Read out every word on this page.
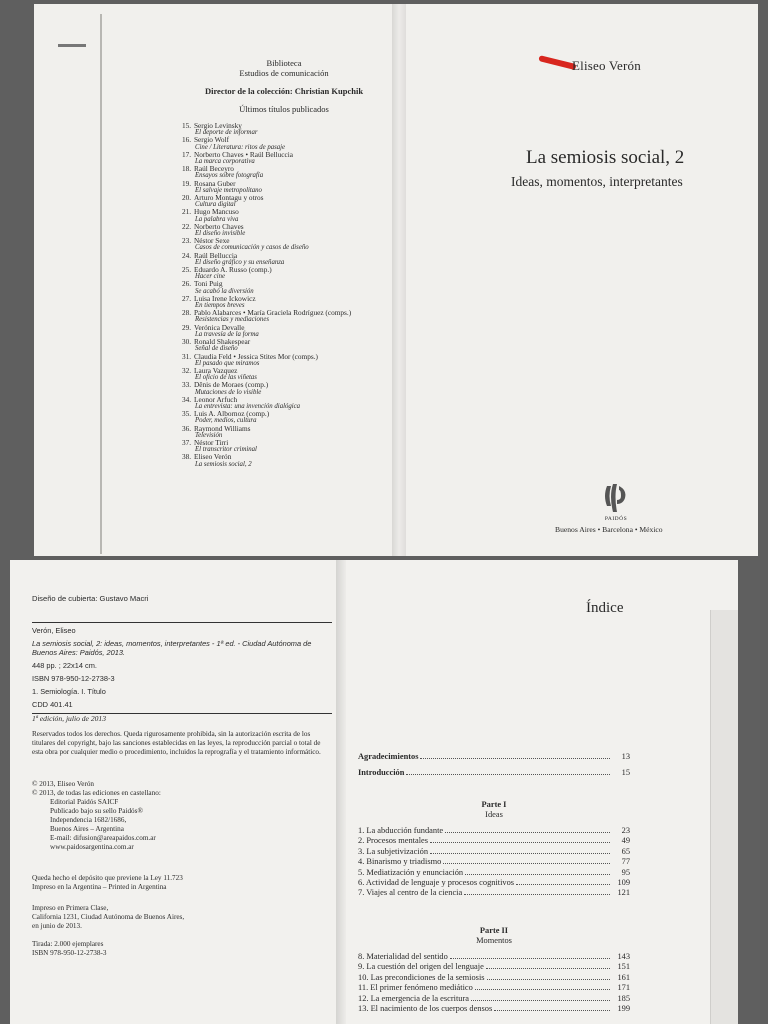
Biblioteca
Estudios de comunicación
Director de la colección: Christian Kupchik
Últimos títulos publicados
15. Sergio Levinsky
El deporte de informar
16. Sergio Wolf
Cine / Literatura: ritos de pasaje
17. Norberto Chaves • Raúl Belluccia
La marca corporativa
18. Raúl Beceyro
Ensayos sobre fotografía
19. Rosana Guber
El salvaje metropolitano
20. Arturo Montagu y otros
Cultura digital
21. Hugo Mancuso
La palabra viva
22. Norberto Chaves
El diseño invisible
23. Néstor Sexe
Casos de comunicación y casos de diseño
24. Raúl Belluccia
El diseño gráfico y su enseñanza
25. Eduardo A. Russo (comp.)
Hacer cine
26. Toni Puig
Se acabó la diversión
27. Luisa Irene Ickowicz
En tiempos breves
28. Pablo Alabarces • María Graciela Rodríguez (comps.)
Resistencias y mediaciones
29. Verónica Devalle
La travesía de la forma
30. Ronald Shakespear
Señal de diseño
31. Claudia Feld • Jessica Stites Mor (comps.)
El pasado que miramos
32. Laura Vazquez
El oficio de las viñetas
33. Dênis de Moraes (comp.)
Mutaciones de lo visible
34. Leonor Arfuch
La entrevista: una invención dialógica
35. Luis A. Albornoz (comp.)
Poder, medios, cultura
36. Raymond Williams
Televisión
37. Néstor Tirri
El transcritor criminal
38. Eliseo Verón
La semiosis social, 2
Eliseo Verón
La semiosis social, 2
Ideas, momentos, interpretantes
PAIDÓS
Buenos Aires • Barcelona • México
Diseño de cubierta: Gustavo Macri

Verón, Eliseo

La semiosis social, 2: ideas, momentos, interpretantes - 1ª ed. - Ciudad Autónoma de Buenos Aires: Paidós, 2013.

448 pp. ; 22x14 cm.

ISBN 978-950-12-2738-3

1. Semiología. I. Título

CDD 401.41

1ª edición, julio de 2013
Reservados todos los derechos. Queda rigurosamente prohibida, sin la autorización escrita de los titulares del copyright, bajo las sanciones establecidas en las leyes, la reproducción parcial o total de esta obra por cualquier medio o procedimiento, incluidos la reprografía y el tratamiento informático.
© 2013, Eliseo Verón
© 2013, de todas las ediciones en castellano:
Editorial Paidós SAICF
Publicado bajo su sello Paidós®
Independencia 1682/1686,
Buenos Aires – Argentina
E-mail: difusion@areapaidos.com.ar
www.paidosargentina.com.ar
Queda hecho el depósito que previene la Ley 11.723
Impreso en la Argentina – Printed in Argentina
Impreso en Primera Clase,
California 1231, Ciudad Autónoma de Buenos Aires,
en junio de 2013.
Tirada: 2.000 ejemplares
ISBN 978-950-12-2738-3
Índice
Agradecimientos	13
Introducción	15
Parte I
Ideas
1. La abducción fundante	23
2. Procesos mentales	49
3. La subjetivización	65
4. Binarismo y triadismo	77
5. Mediatización y enunciación	95
6. Actividad de lenguaje y procesos cognitivos	109
7. Viajes al centro de la ciencia	121
Parte II
Momentos
8. Materialidad del sentido	143
9. La cuestión del origen del lenguaje	151
10. Las precondiciones de la semiosis	161
11. El primer fenómeno mediático	171
12. La emergencia de la escritura	185
13. El nacimiento de los cuerpos densos	199
